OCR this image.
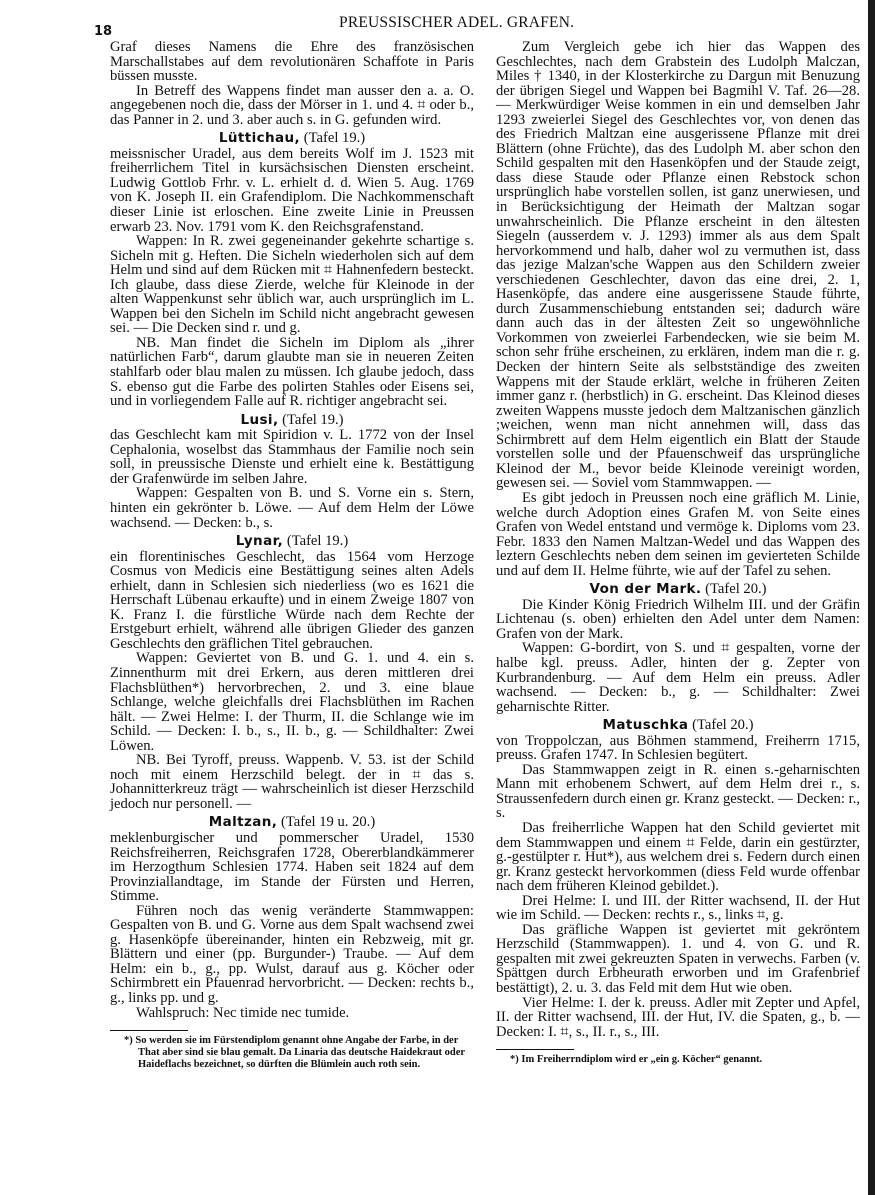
18
PREUSSISCHER ADEL. GRAFEN.

Graf dieses Namens die Ehre des französischen Marschallstabes auf dem revolutionären Schaffote in Paris büssen musste.

In Betreff des Wappens findet man ausser den a. a. O. angegebenen noch die, dass der Mörser in 1. und 4. ⌗ oder b., das Panner in 2. und 3. aber auch s. in G. gefunden wird.

Lüttichau, (Tafel 19.)

meissnischer Uradel, aus dem bereits Wolf im J. 1523 mit freiherrlichem Titel in kursächsischen Diensten erscheint. Ludwig Gottlob Frhr. v. L. erhielt d. d. Wien 5. Aug. 1769 von K. Joseph II. ein Grafendiplom. Die Nachkommenschaft dieser Linie ist erloschen. Eine zweite Linie in Preussen erwarb 23. Nov. 1791 vom K. den Reichsgrafenstand.

Wappen: In R. zwei gegeneinander gekehrte schartige s. Sicheln mit g. Heften. Die Sicheln wiederholen sich auf dem Helm und sind auf dem Rücken mit ⌗ Hahnenfedern besteckt. Ich glaube, dass diese Zierde, welche für Kleinode in der alten Wappenkunst sehr üblich war, auch ursprünglich im L. Wappen bei den Sicheln im Schild nicht angebracht gewesen sei. — Die Decken sind r. und g.

NB. Man findet die Sicheln im Diplom als „ihrer natürlichen Farb“, darum glaubte man sie in neueren Zeiten stahlfarb oder blau malen zu müssen. Ich glaube jedoch, dass S. ebenso gut die Farbe des polirten Stahles oder Eisens sei, und in vorliegendem Falle auf R. richtiger angebracht sei.

Lusi, (Tafel 19.)

das Geschlecht kam mit Spiridion v. L. 1772 von der Insel Cephalonia, woselbst das Stammhaus der Familie noch sein soll, in preussische Dienste und erhielt eine k. Bestättigung der Grafenwürde im selben Jahre.

Wappen: Gespalten von B. und S. Vorne ein s. Stern, hinten ein gekrönter b. Löwe. — Auf dem Helm der Löwe wachsend. — Decken: b., s.

Lynar, (Tafel 19.)

ein florentinisches Geschlecht, das 1564 vom Herzoge Cosmus von Medicis eine Bestättigung seines alten Adels erhielt, dann in Schlesien sich niederliess (wo es 1621 die Herrschaft Lübenau erkaufte) und in einem Zweige 1807 von K. Franz I. die fürstliche Würde nach dem Rechte der Erstgeburt erhielt, während alle übrigen Glieder des ganzen Geschlechts den gräflichen Titel gebrauchen.

Wappen: Geviertet von B. und G. 1. und 4. ein s. Zinnenthurm mit drei Erkern, aus deren mittleren drei Flachsblüthen*) hervorbrechen, 2. und 3. eine blaue Schlange, welche gleichfalls drei Flachsblüthen im Rachen hält. — Zwei Helme: I. der Thurm, II. die Schlange wie im Schild. — Decken: I. b., s., II. b., g. — Schildhalter: Zwei Löwen.

NB. Bei Tyroff, preuss. Wappenb. V. 53. ist der Schild noch mit einem Herzschild belegt. der in ⌗ das s. Johannitterkreuz trägt — wahrscheinlich ist dieser Herzschild jedoch nur personell. —

Maltzan, (Tafel 19 u. 20.)

meklenburgischer und pommerscher Uradel, 1530 Reichsfreiherren, Reichsgrafen 1728, Obererblandkämmerer im Herzogthum Schlesien 1774. Haben seit 1824 auf dem Provinziallandtage, im Stande der Fürsten und Herren, Stimme.

Führen noch das wenig veränderte Stammwappen: Gespalten von B. und G. Vorne aus dem Spalt wachsend zwei g. Hasenköpfe übereinander, hinten ein Rebzweig, mit gr. Blättern und einer (pp. Burgunder-) Traube. — Auf dem Helm: ein b., g., pp. Wulst, darauf aus g. Köcher oder Schirmbrett ein Pfauenrad hervorbricht. — Decken: rechts b., g., links pp. und g.

Wahlspruch: Nec timide nec tumide.

*) So werden sie im Fürstendiplom genannt ohne Angabe der Farbe, in der That aber sind sie blau gemalt. Da Linaria das deutsche Haidekraut oder Haideflachs bezeichnet, so dürften die Blümlein auch roth sein.

Zum Vergleich gebe ich hier das Wappen des Geschlechtes, nach dem Grabstein des Ludolph Malczan, Miles † 1340, in der Klosterkirche zu Dargun mit Benuzung der übrigen Siegel und Wappen bei Bagmihl V. Taf. 26—28. — Merkwürdiger Weise kommen in ein und demselben Jahr 1293 zweierlei Siegel des Geschlechtes vor, von denen das des Friedrich Maltzan eine ausgerissene Pflanze mit drei Blättern (ohne Früchte), das des Ludolph M. aber schon den Schild gespalten mit den Hasenköpfen und der Staude zeigt, dass diese Staude oder Pflanze einen Rebstock schon ursprünglich habe vorstellen sollen, ist ganz unerwiesen, und in Berücksichtigung der Heimath der Maltzan sogar unwahrscheinlich. Die Pflanze erscheint in den ältesten Siegeln (ausserdem v. J. 1293) immer als aus dem Spalt hervorkommend und halb, daher wol zu vermuthen ist, dass das jezige Malzan'sche Wappen aus den Schildern zweier verschiedenen Geschlechter, davon das eine drei, 2. 1, Hasenköpfe, das andere eine ausgerissene Staude führte, durch Zusammenschiebung entstanden sei; dadurch wäre dann auch das in der ältesten Zeit so ungewöhnliche Vorkommen von zweierlei Farbendecken, wie sie beim M. schon sehr frühe erscheinen, zu erklären, indem man die r. g. Decken der hintern Seite als selbstständige des zweiten Wappens mit der Staude erklärt, welche in früheren Zeiten immer ganz r. (herbstlich) in G. erscheint. Das Kleinod dieses zweiten Wappens musste jedoch dem Maltzanischen gänzlich ;weichen, wenn man nicht annehmen will, dass das Schirmbrett auf dem Helm eigentlich ein Blatt der Staude vorstellen solle und der Pfauenschweif das ursprüngliche Kleinod der M., bevor beide Kleinode vereinigt worden, gewesen sei. — Soviel vom Stammwappen. —

Es gibt jedoch in Preussen noch eine gräflich M. Linie, welche durch Adoption eines Grafen M. von Seite eines Grafen von Wedel entstand und vermöge k. Diploms vom 23. Febr. 1833 den Namen Maltzan-Wedel und das Wappen des leztern Geschlechts neben dem seinen im gevierteten Schilde und auf dem II. Helme führte, wie auf der Tafel zu sehen.

Von der Mark. (Tafel 20.)

Die Kinder König Friedrich Wilhelm III. und der Gräfin Lichtenau (s. oben) erhielten den Adel unter dem Namen: Grafen von der Mark.

Wappen: G-bordirt, von S. und ⌗ gespalten, vorne der halbe kgl. preuss. Adler, hinten der g. Zepter von Kurbrandenburg. — Auf dem Helm ein preuss. Adler wachsend. — Decken: b., g. — Schildhalter: Zwei geharnischte Ritter.

Matuschka (Tafel 20.)

von Troppolczan, aus Böhmen stammend, Freiherrn 1715, preuss. Grafen 1747. In Schlesien begütert.

Das Stammwappen zeigt in R. einen s.-geharnischten Mann mit erhobenem Schwert, auf dem Helm drei r., s. Straussenfedern durch einen gr. Kranz gesteckt. — Decken: r., s.

Das freiherrliche Wappen hat den Schild geviertet mit dem Stammwappen und einem ⌗ Felde, darin ein gestürzter, g.-gestülpter r. Hut*), aus welchem drei s. Federn durch einen gr. Kranz gesteckt hervorkommen (diess Feld wurde offenbar nach dem früheren Kleinod gebildet.).

Drei Helme: I. und III. der Ritter wachsend, II. der Hut wie im Schild. — Decken: rechts r., s., links ⌗, g.

Das gräfliche Wappen ist geviertet mit gekröntem Herzschild (Stammwappen). 1. und 4. von G. und R. gespalten mit zwei gekreuzten Spaten in verwechs. Farben (v. Spättgen durch Erbheurath erworben und im Grafenbrief bestättigt), 2. u. 3. das Feld mit dem Hut wie oben.

Vier Helme: I. der k. preuss. Adler mit Zepter und Apfel, II. der Ritter wachsend, III. der Hut, IV. die Spaten, g., b. — Decken: I. ⌗, s., II. r., s., III.

*) Im Freiherrndiplom wird er „ein g. Köcher“ genannt.
